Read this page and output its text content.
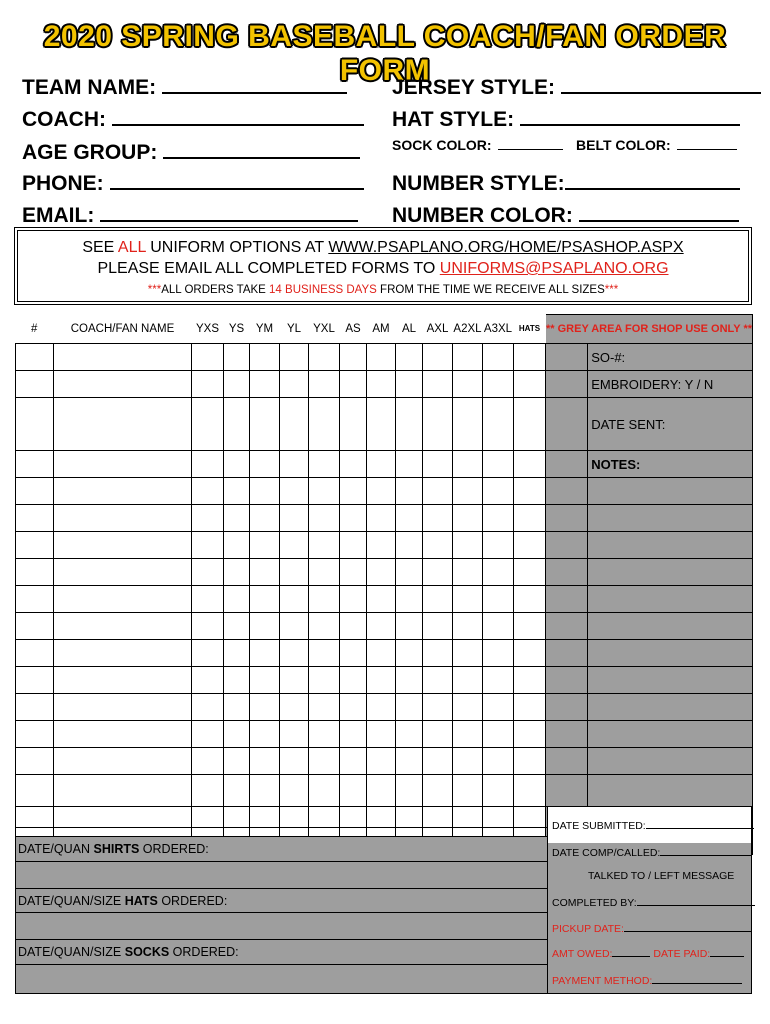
2020 SPRING BASEBALL COACH/FAN ORDER FORM
TEAM NAME:
COACH:
AGE GROUP:
PHONE:
EMAIL:
JERSEY STYLE:
HAT STYLE:
SOCK COLOR:	BELT COLOR:
NUMBER STYLE:
NUMBER COLOR:
SEE ALL UNIFORM OPTIONS AT WWW.PSAPLANO.ORG/HOME/PSASHOP.ASPX
PLEASE EMAIL ALL COMPLETED FORMS TO UNIFORMS@PSAPLANO.ORG
***ALL ORDERS TAKE 14 BUSINESS DAYS FROM THE TIME WE RECEIVE ALL SIZES***
#	COACH/FAN NAME	YXS	YS	YM	YL	YXL	AS	AM	AL	AXL	A2XL	A3XL	HATS	** GREY AREA FOR SHOP USE ONLY **	
															SO-#:
															EMBROIDERY: Y / N
															DATE SENT:
															NOTES:

DATE/QUAN SHIRTS ORDERED:
DATE/QUAN/SIZE HATS ORDERED:
DATE/QUAN/SIZE SOCKS ORDERED:
DATE SUBMITTED:
DATE COMP/CALLED:
TALKED TO / LEFT MESSAGE
COMPLETED BY:
PICKUP DATE:
AMT OWED:	DATE PAID:
PAYMENT METHOD:
